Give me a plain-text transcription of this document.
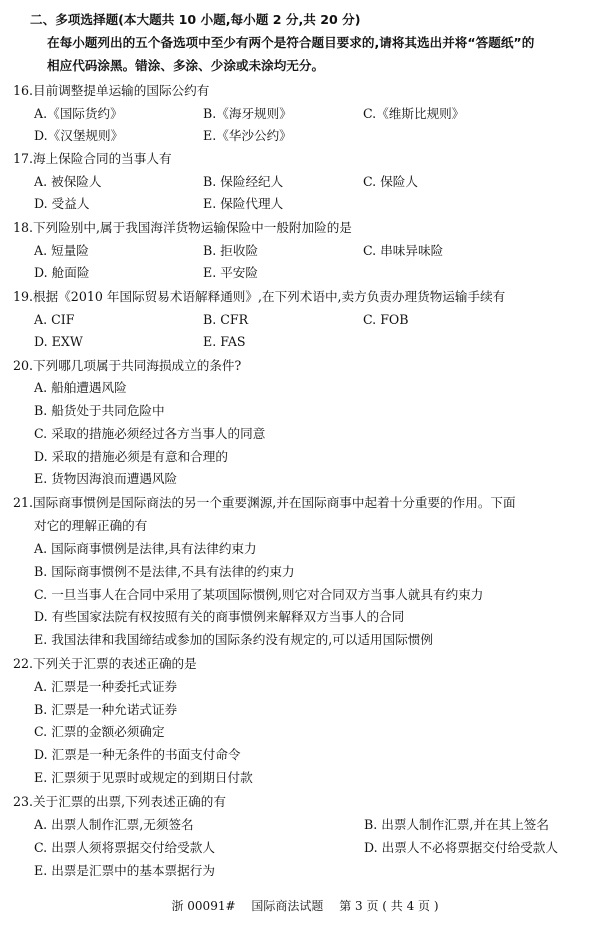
二、多项选择题(本大题共 10 小题,每小题 2 分,共 20 分)
在每小题列出的五个备选项中至少有两个是符合题目要求的,请将其选出并将“答题纸”的
相应代码涂黑。错涂、多涂、少涂或未涂均无分。
16.目前调整提单运输的国际公约有
A.《国际货约》	B.《海牙规则》	C.《维斯比规则》
D.《汉堡规则》	E.《华沙公约》
17.海上保险合同的当事人有
A. 被保险人	B. 保险经纪人	C. 保险人
D. 受益人	E. 保险代理人
18.下列险别中,属于我国海洋货物运输保险中一般附加险的是
A. 短量险	B. 拒收险	C. 串味异味险
D. 舱面险	E. 平安险
19.根据《2010 年国际贸易术语解释通则》,在下列术语中,卖方负责办理货物运输手续有
A. CIF	B. CFR	C. FOB
D. EXW	E. FAS
20.下列哪几项属于共同海损成立的条件?
A. 船舶遭遇风险
B. 船货处于共同危险中
C. 采取的措施必须经过各方当事人的同意
D. 采取的措施必须是有意和合理的
E. 货物因海浪而遭遇风险
21.国际商事惯例是国际商法的另一个重要渊源,并在国际商事中起着十分重要的作用。下面
对它的理解正确的有
A. 国际商事惯例是法律,具有法律约束力
B. 国际商事惯例不是法律,不具有法律的约束力
C. 一旦当事人在合同中采用了某项国际惯例,则它对合同双方当事人就具有约束力
D. 有些国家法院有权按照有关的商事惯例来解释双方当事人的合同
E. 我国法律和我国缔结或参加的国际条约没有规定的,可以适用国际惯例
22.下列关于汇票的表述正确的是
A. 汇票是一种委托式证券
B. 汇票是一种允诺式证券
C. 汇票的金额必须确定
D. 汇票是一种无条件的书面支付命令
E. 汇票须于见票时或规定的到期日付款
23.关于汇票的出票,下列表述正确的有
A. 出票人制作汇票,无须签名	B. 出票人制作汇票,并在其上签名
C. 出票人须将票据交付给受款人	D. 出票人不必将票据交付给受款人
E. 出票是汇票中的基本票据行为
浙 00091# 国际商法试题 第 3 页 ( 共 4 页 )
